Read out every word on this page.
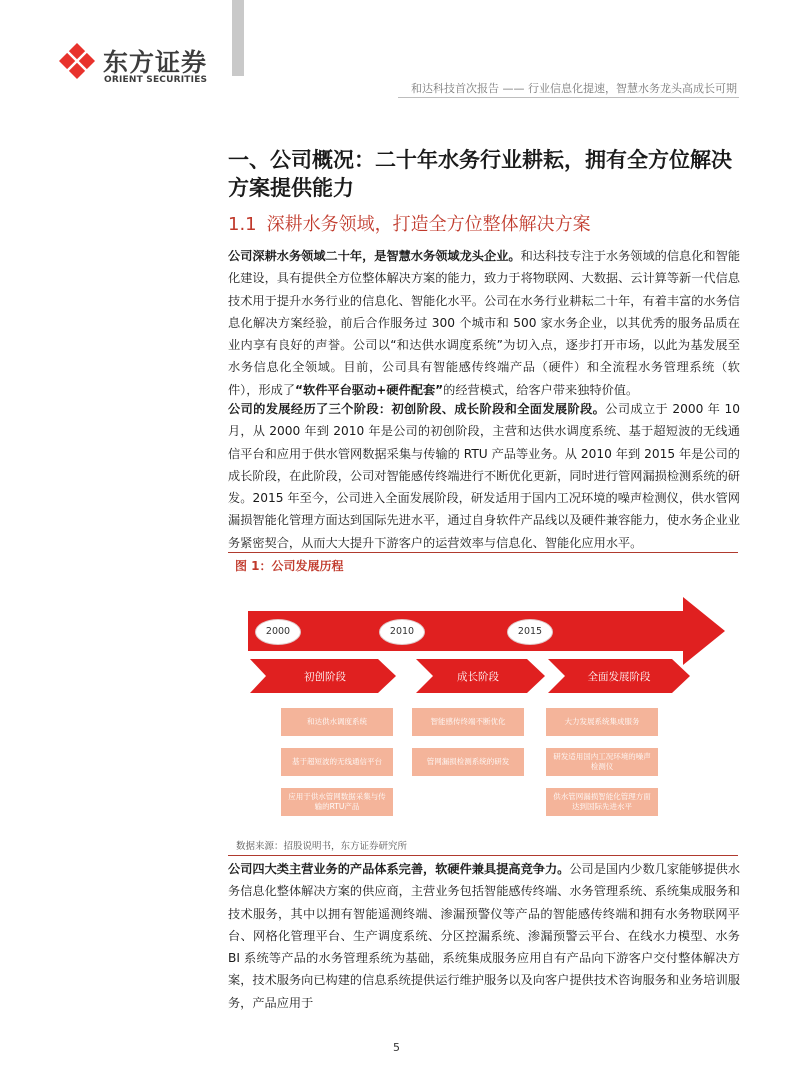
东方证券
ORIENT SECURITIES
和达科技首次报告 —— 行业信息化提速，智慧水务龙头高成长可期
一、公司概况：二十年水务行业耕耘，拥有全方位解决方案提供能力
1.1 深耕水务领域，打造全方位整体解决方案
公司深耕水务领域二十年，是智慧水务领域龙头企业。和达科技专注于水务领域的信息化和智能化建设，具有提供全方位整体解决方案的能力，致力于将物联网、大数据、云计算等新一代信息技术用于提升水务行业的信息化、智能化水平。公司在水务行业耕耘二十年，有着丰富的水务信息化解决方案经验，前后合作服务过 300 个城市和 500 家水务企业，以其优秀的服务品质在业内享有良好的声誉。公司以“和达供水调度系统”为切入点，逐步打开市场，以此为基发展至水务信息化全领域。目前，公司具有智能感传终端产品（硬件）和全流程水务管理系统（软件），形成了“软件平台驱动+硬件配套”的经营模式，给客户带来独特价值。
公司的发展经历了三个阶段：初创阶段、成长阶段和全面发展阶段。公司成立于 2000 年 10 月，从 2000 年到 2010 年是公司的初创阶段，主营和达供水调度系统、基于超短波的无线通信平台和应用于供水管网数据采集与传输的 RTU 产品等业务。从 2010 年到 2015 年是公司的成长阶段，在此阶段，公司对智能感传终端进行不断优化更新，同时进行管网漏损检测系统的研发。2015 年至今，公司进入全面发展阶段，研发适用于国内工况环境的噪声检测仪，供水管网漏损智能化管理方面达到国际先进水平，通过自身软件产品线以及硬件兼容能力，使水务企业业务紧密契合，从而大大提升下游客户的运营效率与信息化、智能化应用水平。
图 1：公司发展历程
2000	2010	2015
初创阶段	成长阶段	全面发展阶段
和达供水调度系统
基于超短波的无线通信平台
应用于供水管网数据采集与传输的RTU产品
智能感传终端不断优化
管网漏损检测系统的研发
大力发展系统集成服务
研发适用国内工况环境的噪声检测仪
供水管网漏损智能化管理方面达到国际先进水平
数据来源：招股说明书，东方证券研究所
公司四大类主营业务的产品体系完善，软硬件兼具提高竞争力。公司是国内少数几家能够提供水务信息化整体解决方案的供应商，主营业务包括智能感传终端、水务管理系统、系统集成服务和技术服务，其中以拥有智能遥测终端、渗漏预警仪等产品的智能感传终端和拥有水务物联网平台、网格化管理平台、生产调度系统、分区控漏系统、渗漏预警云平台、在线水力模型、水务 BI 系统等产品的水务管理系统为基础，系统集成服务应用自有产品向下游客户交付整体解决方案，技术服务向已构建的信息系统提供运行维护服务以及向客户提供技术咨询服务和业务培训服务，产品应用于
5
